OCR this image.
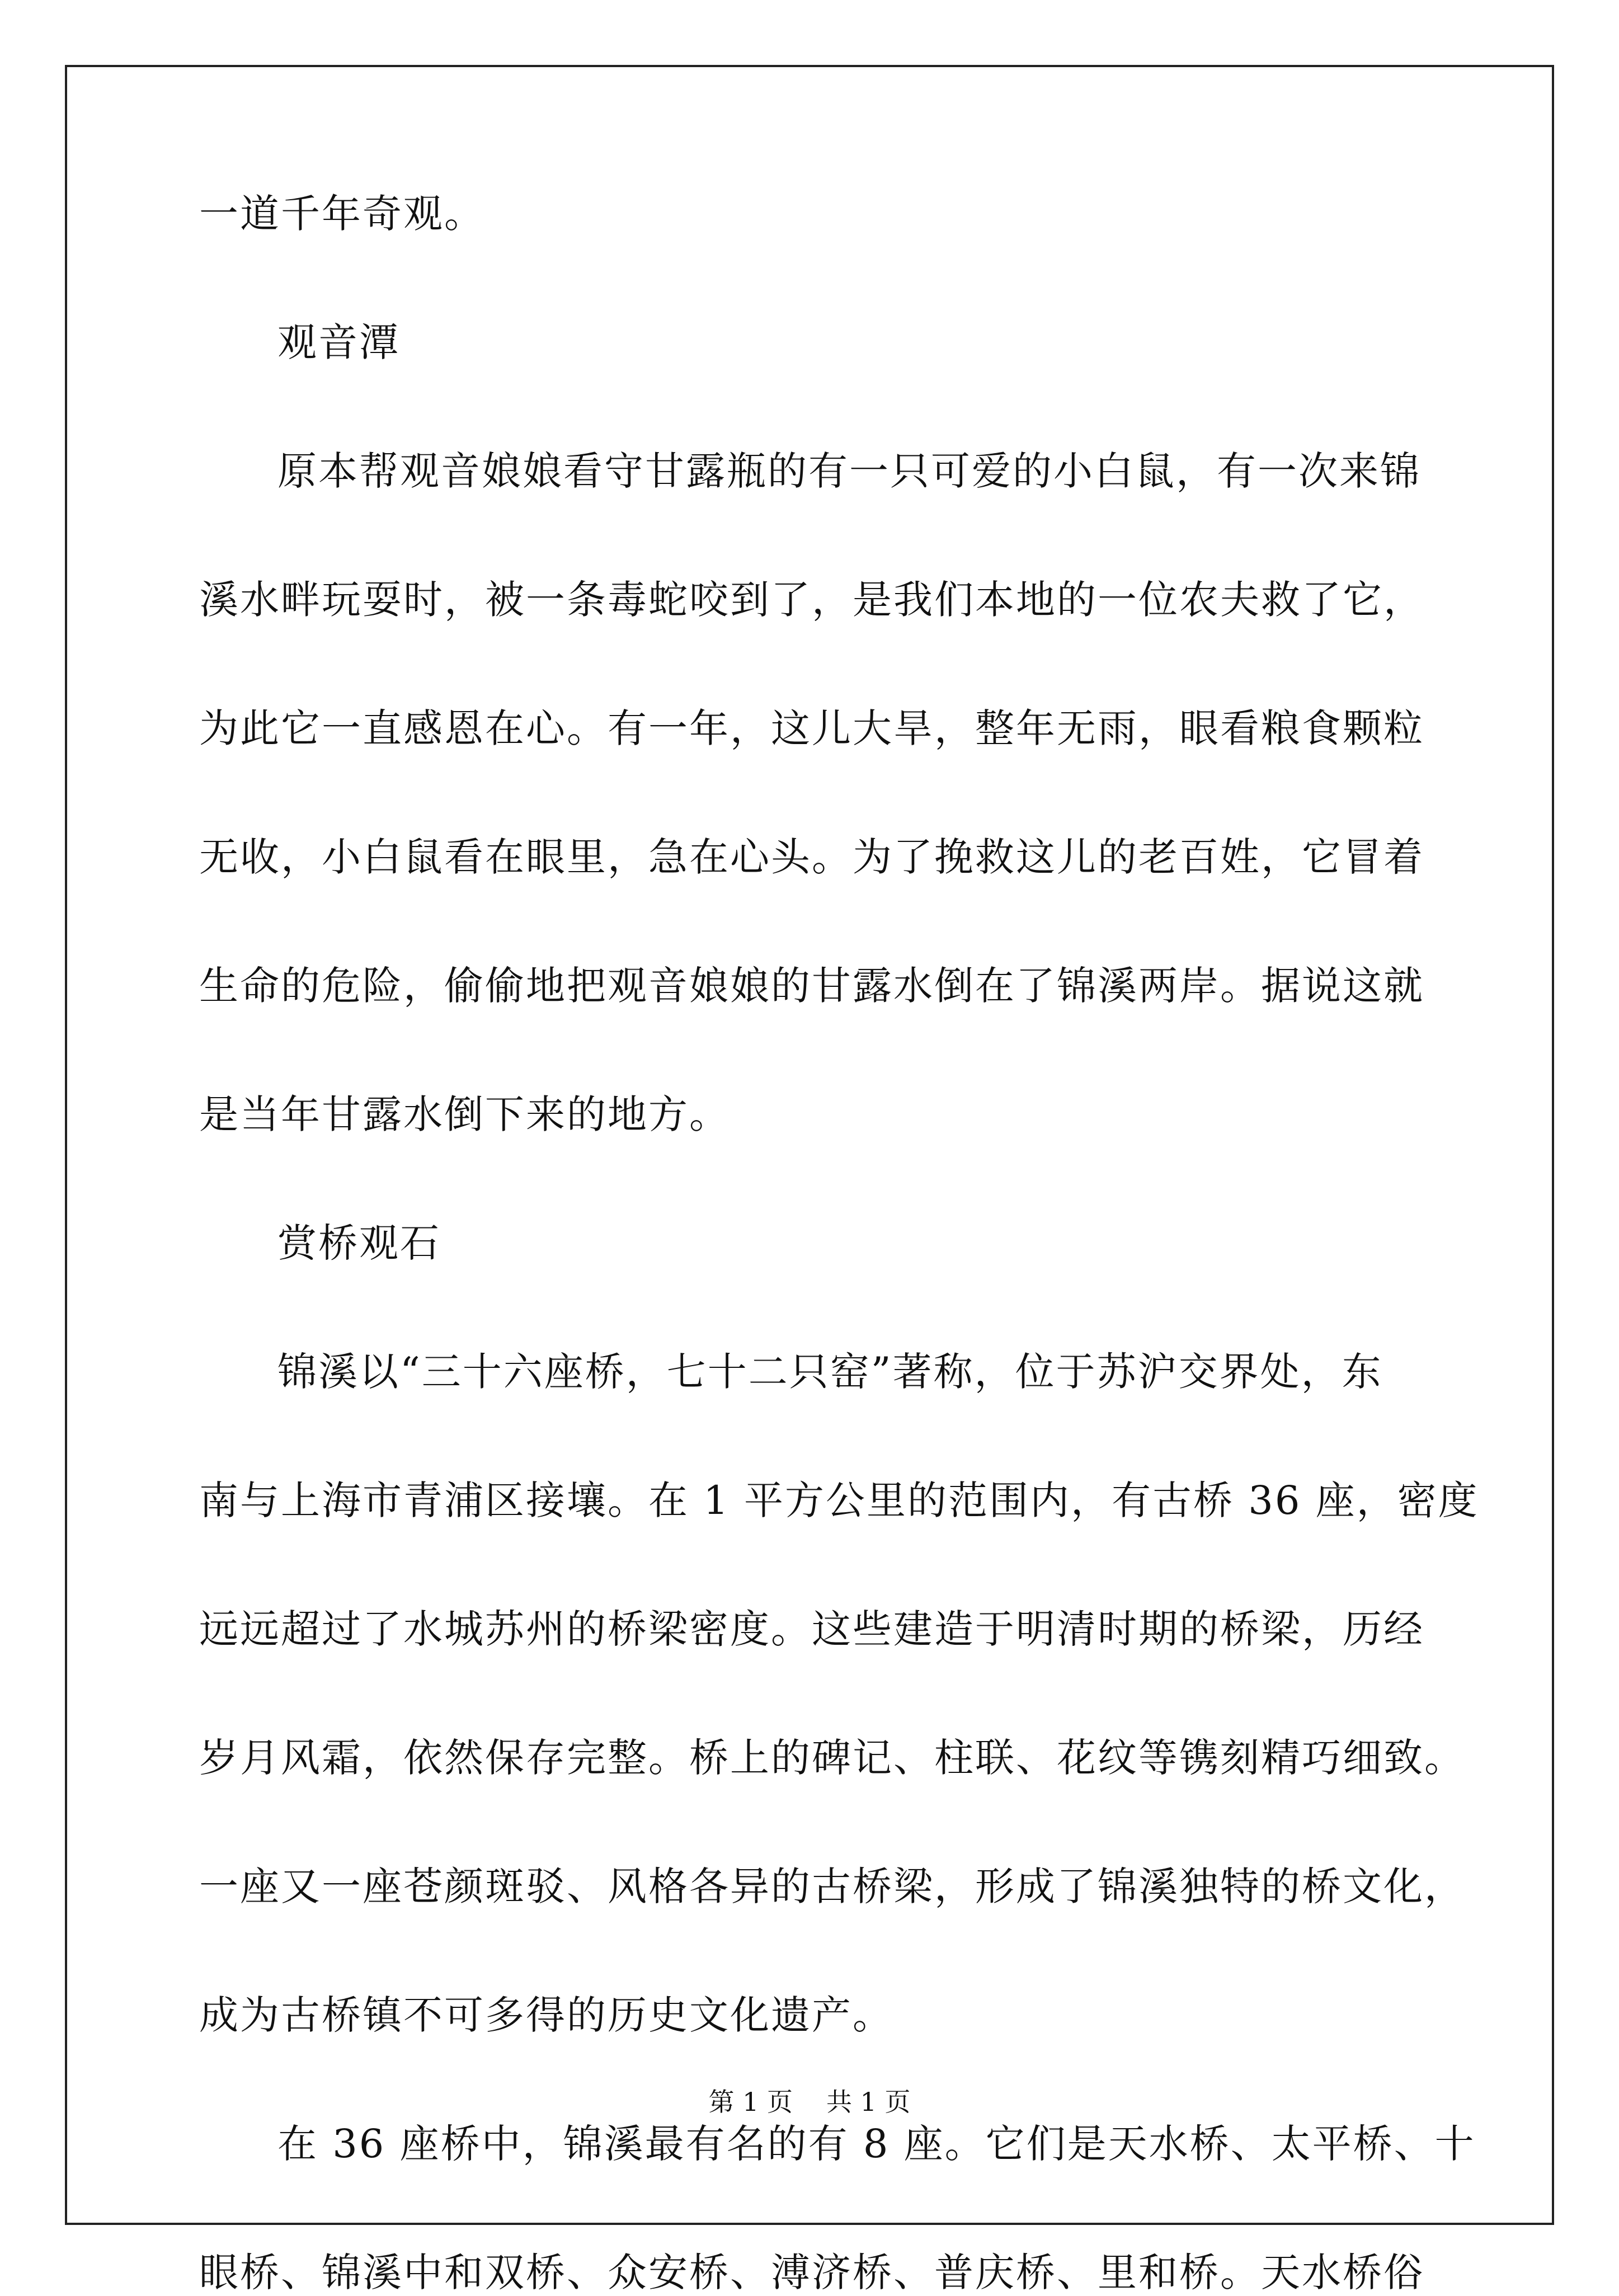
一道千年奇观。
观音潭
原本帮观音娘娘看守甘露瓶的有一只可爱的小白鼠，有一次来锦
溪水畔玩耍时，被一条毒蛇咬到了，是我们本地的一位农夫救了它，
为此它一直感恩在心。有一年，这儿大旱，整年无雨，眼看粮食颗粒
无收，小白鼠看在眼里，急在心头。为了挽救这儿的老百姓，它冒着
生命的危险，偷偷地把观音娘娘的甘露水倒在了锦溪两岸。据说这就
是当年甘露水倒下来的地方。
赏桥观石
锦溪以“三十六座桥，七十二只窑”著称，位于苏沪交界处，东
南与上海市青浦区接壤。在 1 平方公里的范围内，有古桥 36 座，密度
远远超过了水城苏州的桥梁密度。这些建造于明清时期的桥梁，历经
岁月风霜，依然保存完整。桥上的碑记、柱联、花纹等镌刻精巧细致。
一座又一座苍颜斑驳、风格各异的古桥梁，形成了锦溪独特的桥文化，
成为古桥镇不可多得的历史文化遗产。
在 36 座桥中，锦溪最有名的有 8 座。它们是天水桥、太平桥、十
眼桥、锦溪中和双桥、众安桥、溥济桥、普庆桥、里和桥。天水桥俗
第 1 页 共 1 页
